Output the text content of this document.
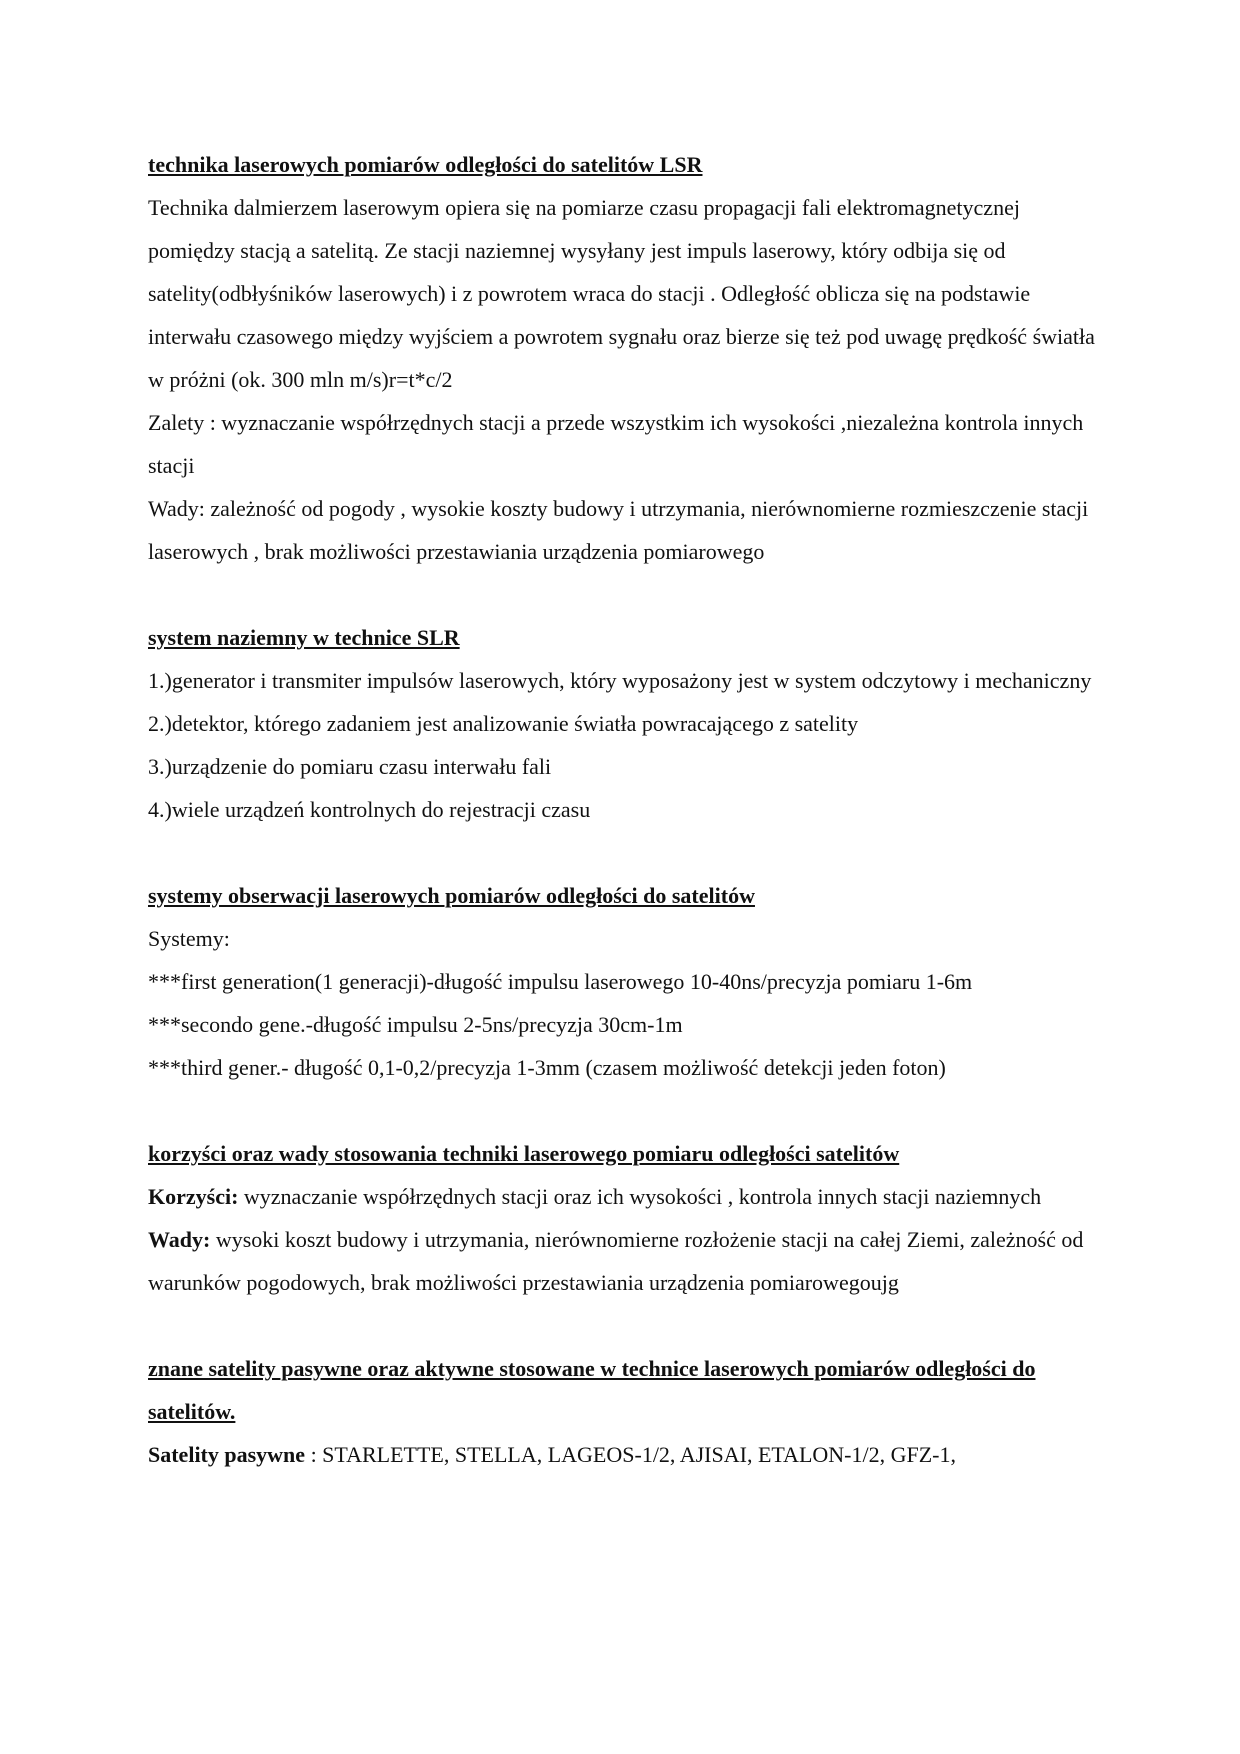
technika laserowych pomiarów odległości do satelitów LSR

Technika dalmierzem laserowym opiera się na pomiarze czasu propagacji fali elektromagnetycznej pomiędzy stacją a satelitą. Ze stacji naziemnej wysyłany jest impuls laserowy, który odbija się od satelity(odbłyśników laserowych) i z powrotem wraca do stacji . Odległość oblicza się na podstawie interwału czasowego między wyjściem a powrotem sygnału oraz bierze się też pod uwagę prędkość światła w próżni (ok. 300 mln m/s)r=t*c/2

Zalety : wyznaczanie współrzędnych stacji a przede wszystkim ich wysokości ,niezależna kontrola innych stacji

Wady: zależność od pogody , wysokie koszty budowy i utrzymania, nierównomierne rozmieszczenie stacji laserowych , brak możliwości przestawiania urządzenia pomiarowego

system naziemny w technice SLR

1.)generator i transmiter impulsów laserowych, który wyposażony jest w system odczytowy i mechaniczny

2.)detektor, którego zadaniem jest analizowanie światła powracającego z satelity

3.)urządzenie do pomiaru czasu interwału fali

4.)wiele urządzeń kontrolnych do rejestracji czasu

systemy obserwacji laserowych pomiarów odległości do satelitów

Systemy:

***first generation(1 generacji)-długość impulsu laserowego 10-40ns/precyzja pomiaru 1-6m

***secondo gene.-długość impulsu 2-5ns/precyzja 30cm-1m

***third gener.- długość 0,1-0,2/precyzja 1-3mm (czasem możliwość detekcji jeden foton)

korzyści oraz wady stosowania techniki laserowego pomiaru odległości satelitów

Korzyści: wyznaczanie współrzędnych stacji oraz ich wysokości , kontrola innych stacji naziemnych

Wady: wysoki koszt budowy i utrzymania, nierównomierne rozłożenie stacji na całej Ziemi, zależność od warunków pogodowych, brak możliwości przestawiania urządzenia pomiarowegoujg

znane satelity pasywne oraz aktywne stosowane w technice laserowych pomiarów odległości do satelitów.

Satelity pasywne : STARLETTE, STELLA, LAGEOS-1/2, AJISAI, ETALON-1/2, GFZ-1,
